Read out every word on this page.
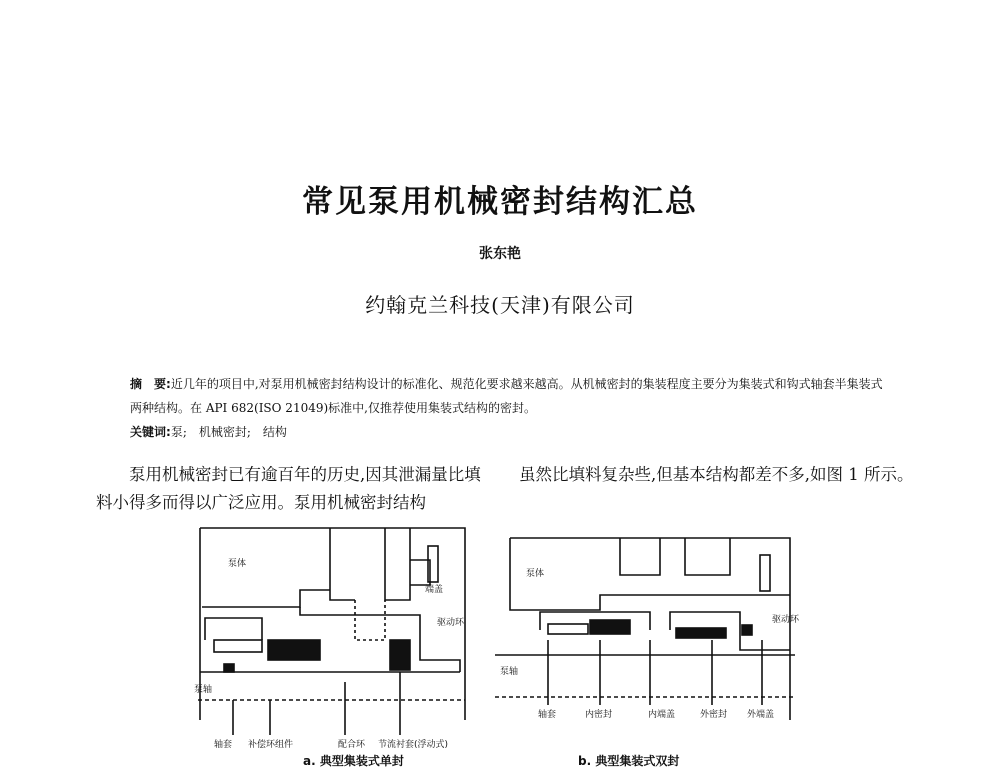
常见泵用机械密封结构汇总
张东艳
约翰克兰科技(天津)有限公司
摘　要:近几年的项目中,对泵用机械密封结构设计的标准化、规范化要求越来越高。从机械密封的集装程度主要分为集装式和钩式轴套半集装式两种结构。在 API 682(ISO 21049)标准中,仅推荐使用集装式结构的密封。
关键词:泵;　机械密封;　结构
泵用机械密封已有逾百年的历史,因其泄漏量比填料小得多而得以广泛应用。泵用机械密封结构
虽然比填料复杂些,但基本结构都差不多,如图 1 所示。
泵体
端盖
驱动环
泵轴
轴套 补偿环组件	配合环 节流衬套(浮动式)
a. 典型集装式单封
泵体
驱动环
泵轴
轴套	内密封	内端盖	外密封 外端盖
b. 典型集装式双封
